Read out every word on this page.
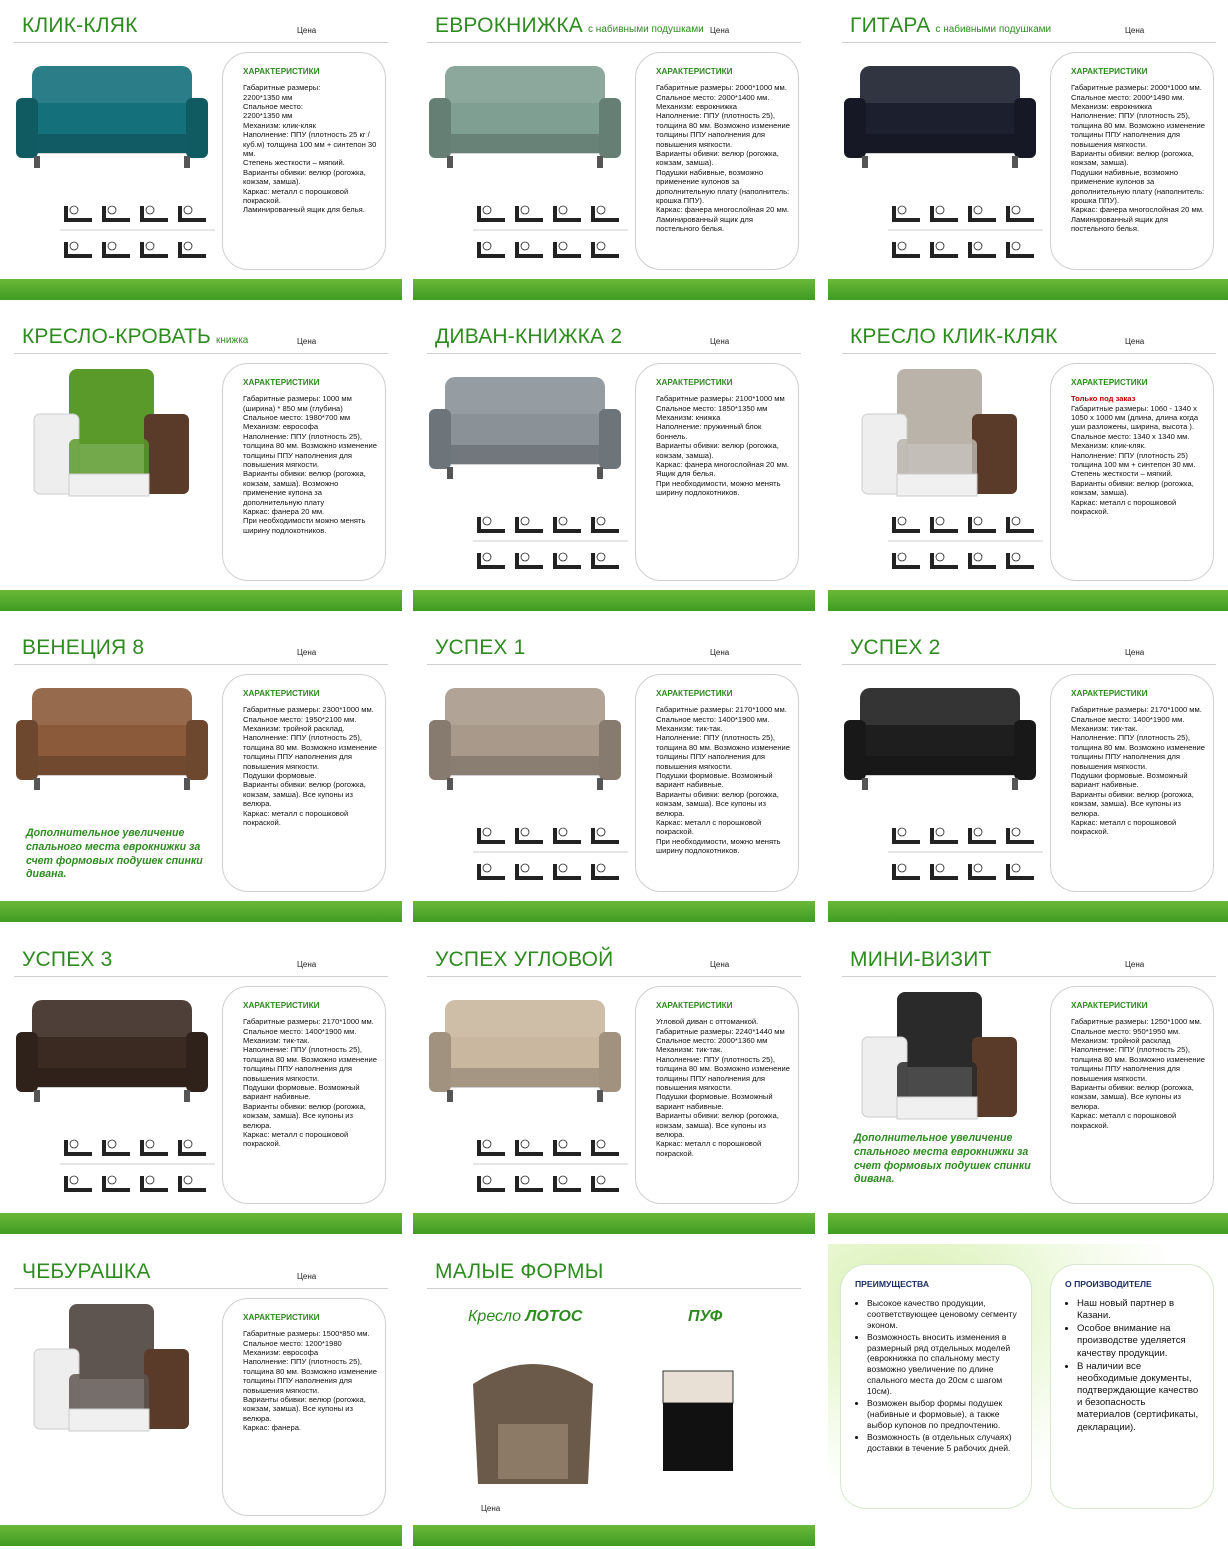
КЛИК-КЛЯК	Цена
ХАРАКТЕРИСТИКИ
Габаритные размеры:
2200*1350 мм
Спальное место:
2200*1350 мм
Механизм: клик-кляк
Наполнение: ППУ (плотность 25 кг / куб.м) толщина 100 мм + синтепон 30 мм.
Степень жесткости – мягкий.
Варианты обивки: велюр (рогожка, кожзам, замша).
Каркас: металл с порошковой покраской.
Ламинированный ящик для белья.
ЕВРОКНИЖКА с набивными подушками Цена
ХАРАКТЕРИСТИКИ
Габаритные размеры: 2000*1000 мм.
Спальное место: 2000*1400 мм.
Механизм: еврокнижка
Наполнение: ППУ (плотность 25), толщина 80 мм. Возможно изменение толщины ППУ наполнения для повышения мягкости.
Варианты обивки: велюр (рогожка, кожзам, замша).
Подушки набивные, возможно применение кулонов за дополнительную плату (наполнитель: крошка ППУ).
Каркас: фанера многослойная 20 мм.
Ламинированный ящик для постельного белья.
ГИТАРА с набивными подушками	Цена
ХАРАКТЕРИСТИКИ
Габаритные размеры: 2000*1000 мм.
Спальное место: 2000*1490 мм.
Механизм: еврокнижка
Наполнение: ППУ (плотность 25), толщина 80 мм. Возможно изменение толщины ППУ наполнения для повышения мягкости.
Варианты обивки: велюр (рогожка, кожзам, замша).
Подушки набивные, возможно применение кулонов за дополнительную плату (наполнитель: крошка ППУ).
Каркас: фанера многослойная 20 мм.
Ламинированный ящик для постельного белья.
КРЕСЛО-КРОВАТЬ книжка	Цена
ХАРАКТЕРИСТИКИ
Габаритные размеры: 1000 мм (ширина) * 850 мм (глубина)
Спальное место: 1980*700 мм
Механизм: еврософа
Наполнение: ППУ (плотность 25), толщина 80 мм. Возможно изменение толщины ППУ наполнения для повышения мягкости.
Варианты обивки: велюр (рогожка, кожзам, замша). Возможно применение купона за дополнительную плату
Каркас: фанера 20 мм.
При необходимости можно менять ширину подлокотников.
ДИВАН-КНИЖКА 2	Цена
ХАРАКТЕРИСТИКИ
Габаритные размеры: 2100*1000 мм
Спальное место: 1850*1350 мм
Механизм: книжка
Наполнение: пружинный блок боннель.
Варианты обивки: велюр (рогожка, кожзам, замша).
Каркас: фанера многослойная 20 мм.
Ящик для белья.
При необходимости, можно менять ширину подлокотников.
КРЕСЛО КЛИК-КЛЯК	Цена
ХАРАКТЕРИСТИКИ
Только под заказ
Габаритные размеры: 1060 - 1340 х 1050 х 1000 мм (длина, длина когда уши разложены, ширина, высота ).
Спальное место: 1340 х 1340 мм.
Механизм: клик-кляк.
Наполнение: ППУ (плотность 25) толщина 100 мм + синтепон 30 мм.
Степень жесткости – мягкий.
Варианты обивки: велюр (рогожка, кожзам, замша).
Каркас: металл с порошковой покраской.
ВЕНЕЦИЯ 8	Цена
Дополнительное увеличение спального места еврокнижки за счет формовых подушек спинки дивана.
ХАРАКТЕРИСТИКИ
Габаритные размеры: 2300*1000 мм.
Спальное место: 1950*2100 мм.
Механизм: тройной расклад.
Наполнение: ППУ (плотность 25), толщина 80 мм. Возможно изменение толщины ППУ наполнения для повышения мягкости.
Подушки формовые.
Варианты обивки: велюр (рогожка, кожзам, замша). Все купоны из велюра.
Каркас: металл с порошковой покраской.
УСПЕХ 1	Цена
ХАРАКТЕРИСТИКИ
Габаритные размеры: 2170*1000 мм.
Спальное место: 1400*1900 мм.
Механизм: тик-так.
Наполнение: ППУ (плотность 25), толщина 80 мм. Возможно изменение толщины ППУ наполнения для повышения мягкости.
Подушки формовые. Возможный вариант набивные.
Варианты обивки: велюр (рогожка, кожзам, замша). Все купоны из велюра.
Каркас: металл с порошковой покраской.
При необходимости, можно менять ширину подлокотников.
УСПЕХ 2	Цена
ХАРАКТЕРИСТИКИ
Габаритные размеры: 2170*1000 мм.
Спальное место: 1400*1900 мм.
Механизм: тик-так.
Наполнение: ППУ (плотность 25), толщина 80 мм. Возможно изменение толщины ППУ наполнения для повышения мягкости.
Подушки формовые. Возможный вариант набивные.
Варианты обивки: велюр (рогожка, кожзам, замша). Все купоны из велюра.
Каркас: металл с порошковой покраской.
УСПЕХ 3	Цена
ХАРАКТЕРИСТИКИ
Габаритные размеры: 2170*1000 мм.
Спальное место: 1400*1900 мм.
Механизм: тик-так.
Наполнение: ППУ (плотность 25), толщина 80 мм. Возможно изменение толщины ППУ наполнения для повышения мягкости.
Подушки формовые. Возможный вариант набивные.
Варианты обивки: велюр (рогожка, кожзам, замша). Все купоны из велюра.
Каркас: металл с порошковой покраской.
УСПЕХ УГЛОВОЙ	Цена
ХАРАКТЕРИСТИКИ
Угловой диван с оттоманкой.
Габаритные размеры: 2240*1440 мм
Спальное место: 2000*1360 мм
Механизм: тик-так.
Наполнение: ППУ (плотность 25), толщина 80 мм. Возможно изменение толщины ППУ наполнения для повышения мягкости.
Подушки формовые. Возможный вариант набивные.
Варианты обивки: велюр (рогожка, кожзам, замша). Все купоны из велюра.
Каркас: металл с порошковой покраской.
МИНИ-ВИЗИТ	Цена
Дополнительное увеличение спального места еврокнижки за счет формовых подушек спинки дивана.
ХАРАКТЕРИСТИКИ
Габаритные размеры: 1250*1000 мм.
Спальное место: 950*1950 мм.
Механизм: тройной расклад
Наполнение: ППУ (плотность 25), толщина 80 мм. Возможно изменение толщины ППУ наполнения для повышения мягкости.
Варианты обивки: велюр (рогожка, кожзам, замша). Все купоны из велюра.
Каркас: металл с порошковой покраской.
ЧЕБУРАШКА	Цена
ХАРАКТЕРИСТИКИ
Габаритные размеры: 1500*850 мм.
Спальное место: 1200*1980
Механизм: еврософа
Наполнение: ППУ (плотность 25), толщина 80 мм. Возможно изменение толщины ППУ наполнения для повышения мягкости.
Варианты обивки: велюр (рогожка, кожзам, замша). Все купоны из велюра.
Каркас: фанера.
МАЛЫЕ ФОРМЫ
Кресло ЛОТОС	ПУФ
Цена
ПРЕИМУЩЕСТВА
• Высокое качество продукции, соответствующее ценовому сегменту эконом.
• Возможность вносить изменения в размерный ряд отдельных моделей (еврокнижка по спальному месту возможно увеличение по длине спального места до 20см с шагом 10см).
• Возможен выбор формы подушек (набивные и формовые), а также выбор купонов по предпочтению.
• Возможность (в отдельных случаях) доставки в течение 5 рабочих дней.
О ПРОИЗВОДИТЕЛЕ
• Наш новый партнер в Казани.
• Особое внимание на производстве уделяется качеству продукции.
• В наличии все необходимые документы, подтверждающие качество и безопасность материалов (сертификаты, декларации).
